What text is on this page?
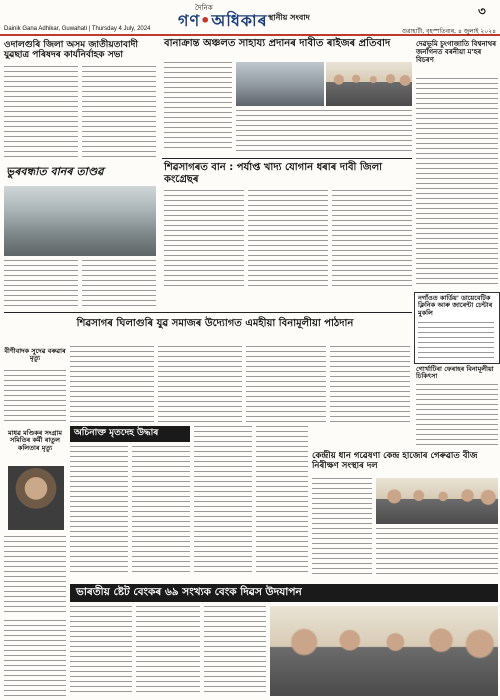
দৈনিক
গণ•অধিকাৰ স্থানীয় সংবাদ	৩
Dainik Gana Adhikar, Guwahati | Thursday 4 July, 2024	গুৱাহাটী, বৃহস্পতিবাৰ, ৪ জুলাই ২০২৪
ওদালগুৰি জিলা অসম জাতীয়তাবাদী যুৱছাত্ৰ পৰিষদৰ কাৰ্যনিৰ্বাহক সভা
বানাক্ৰান্ত অঞ্চলত সাহায্য প্ৰদানৰ দাবীত ৰাইজৰ প্ৰতিবাদ	দেৱভূমি চুংগাজাতি বিশ্বনাথৰ জনাঁগনত বৰনীয়া ম'হৰ বিচৰণ
শিৱসাগৰত বান : পৰ্যাপ্ত খাদ্য যোগান ধৰাৰ দাবী জিলা কংগ্ৰেছৰ
ভুৰবন্ধাত বানৰ তাণ্ডৱ
নগাঁওত কাৰ্ডিয়' ডায়েবেটিক ক্লিনিক আৰু জাৰেন্টা চেন্টাৰ মুকলি
গোৰ্খাটিৰা ফেৰাহৰ বিনামূলীয়া চিকিৎসা
শিৱসাগৰ ঘিলাগুৰি যুৱ সমাজৰ উদ্যোগত এমহীয়া বিনামূলীয়া পাঠদান
বীণীবাদক সুদেৱ বৰুৱাৰ মৃত্যু
মাধৱ মণ্ডিকৰ সংগ্ৰাম সমিতিৰ কৰ্মী ৰাতুল কলিতাৰ মৃত্যু
অচিনাক্ত মৃতদেহ উদ্ধাৰ
কেন্দ্ৰীয় ধান গৱেষণা কেন্দ্ৰ হাজোৰ গেৰুৱাত বীজ নিৰীক্ষণ সংস্থাৰ দল
ভাৰতীয় ষ্টেট বেংকৰ ৬৯ সংখ্যক বেংক দিৱস উদযাপন
